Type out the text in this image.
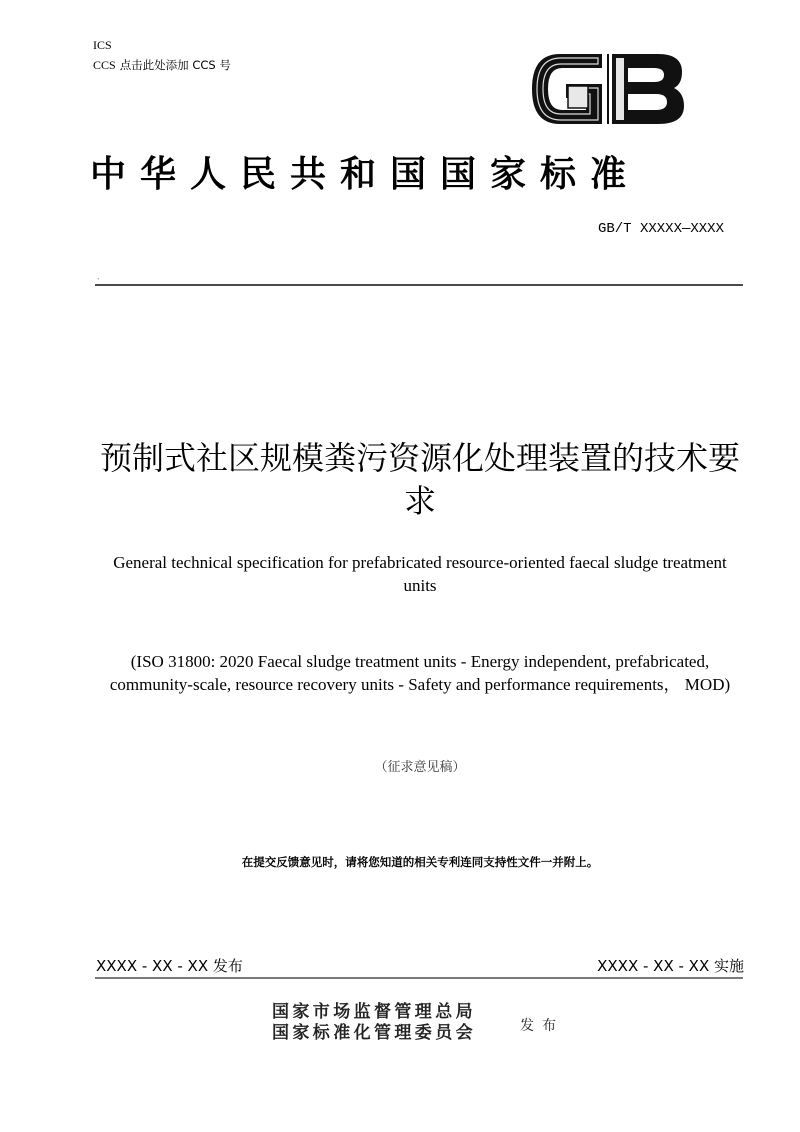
ICS
CCS 点击此处添加 CCS 号
中华人民共和国国家标准
GB/T XXXXX—XXXX
`
预制式社区规模粪污资源化处理装置的技术要求
General technical specification for prefabricated resource-oriented faecal sludge treatment units
(ISO 31800: 2020 Faecal sludge treatment units - Energy independent, prefabricated, community-scale, resource recovery units - Safety and performance requirements， MOD)
（征求意见稿）
在提交反馈意见时，请将您知道的相关专利连同支持性文件一并附上。
XXXX - XX - XX 发布	XXXX - XX - XX 实施
国家市场监督管理总局
国家标准化管理委员会	发布
